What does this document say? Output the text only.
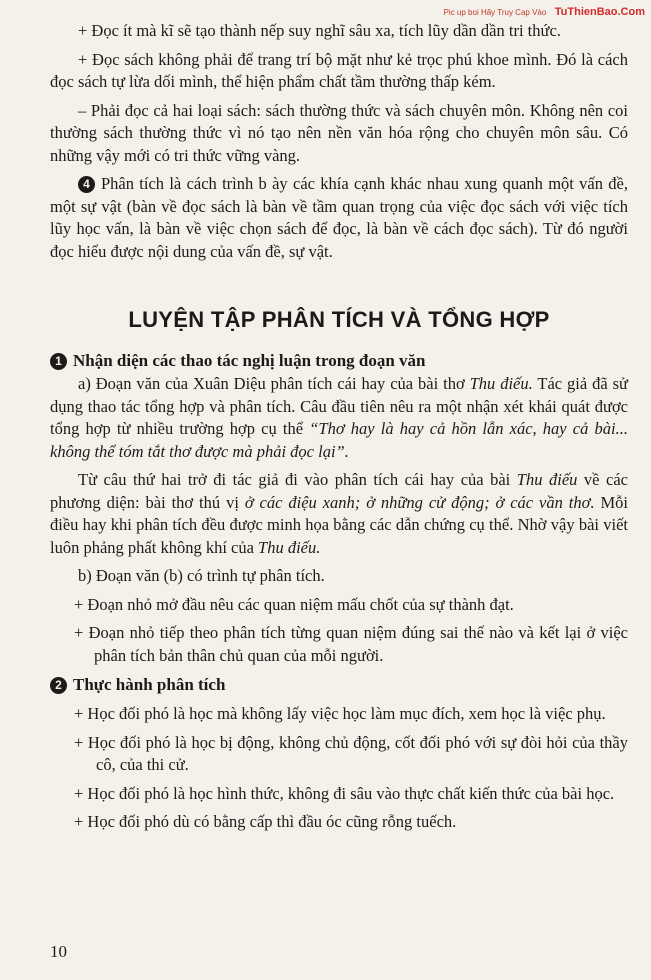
Pic up boi Hãy Truy Cap Vào TuThienBao.Com

+ Đọc ít mà kĩ sẽ tạo thành nếp suy nghĩ sâu xa, tích lũy dần dần tri thức.

+ Đọc sách không phải để trang trí bộ mặt như kẻ trọc phú khoe mình. Đó là cách đọc sách tự lừa dối mình, thể hiện phẩm chất tầm thường thấp kém.

– Phải đọc cả hai loại sách: sách thường thức và sách chuyên môn. Không nên coi thường sách thường thức vì nó tạo nên nền văn hóa rộng cho chuyên môn sâu. Có những vậy mới có tri thức vững vàng.

4 Phân tích là cách trình b ày các khía cạnh khác nhau xung quanh một vấn đề, một sự vật (bàn về đọc sách là bàn về tầm quan trọng của việc đọc sách với việc tích lũy học vấn, là bàn về việc chọn sách để đọc, là bàn về cách đọc sách). Từ đó người đọc hiểu được nội dung của vấn đề, sự vật.

LUYỆN TẬP PHÂN TÍCH VÀ TỔNG HỢP

1 Nhận diện các thao tác nghị luận trong đoạn văn

a) Đoạn văn của Xuân Diệu phân tích cái hay của bài thơ Thu điếu. Tác giả đã sử dụng thao tác tổng hợp và phân tích. Câu đầu tiên nêu ra một nhận xét khái quát được tổng hợp từ nhiều trường hợp cụ thể “Thơ hay là hay cả hồn lẫn xác, hay cả bài... không thể tóm tắt thơ được mà phải đọc lại”.

Từ câu thứ hai trở đi tác giả đi vào phân tích cái hay của bài Thu điếu về các phương diện: bài thơ thú vị ở các điệu xanh; ở những cử động; ở các vần thơ. Mỗi điều hay khi phân tích đều được minh họa bằng các dẫn chứng cụ thể. Nhờ vậy bài viết luôn phảng phất không khí của Thu điếu.

b) Đoạn văn (b) có trình tự phân tích.

+ Đoạn nhỏ mở đầu nêu các quan niệm mấu chốt của sự thành đạt.

+ Đoạn nhỏ tiếp theo phân tích từng quan niệm đúng sai thế nào và kết lại ở việc phân tích bản thân chủ quan của mỗi người.

2 Thực hành phân tích

+ Học đối phó là học mà không lấy việc học làm mục đích, xem học là việc phụ.

+ Học đối phó là học bị động, không chủ động, cốt đối phó với sự đòi hỏi của thầy cô, của thi cử.

+ Học đối phó là học hình thức, không đi sâu vào thực chất kiến thức của bài học.

+ Học đối phó dù có bằng cấp thì đầu óc cũng rỗng tuếch.

10
